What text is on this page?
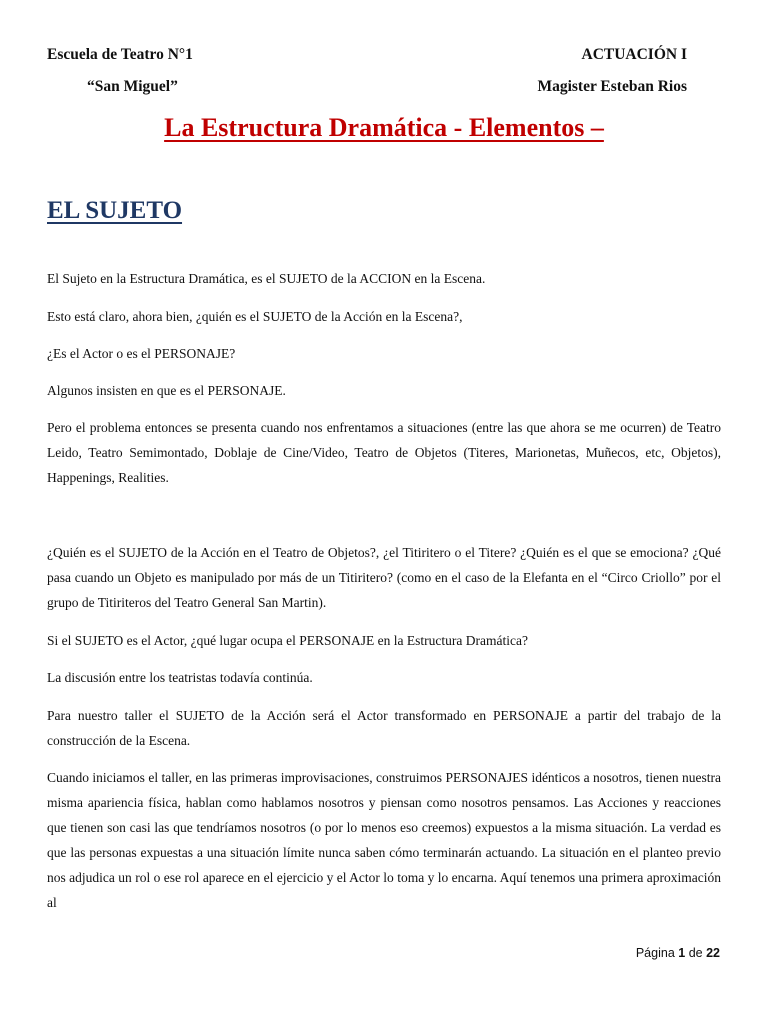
Escuela de Teatro N°1	ACTUACIÓN I
“San Miguel”	Magister Esteban Rios
La Estructura Dramática - Elementos –
EL SUJETO

El Sujeto en la Estructura Dramática, es el SUJETO de la ACCION en la Escena.

Esto está claro, ahora bien, ¿quién es el SUJETO de la Acción en la Escena?,

¿Es el Actor o es el PERSONAJE?

Algunos insisten en que es el PERSONAJE.

Pero el problema entonces se presenta cuando nos enfrentamos a situaciones (entre las que ahora se me ocurren) de Teatro Leido, Teatro Semimontado, Doblaje de Cine/Video, Teatro de Objetos (Titeres, Marionetas, Muñecos, etc, Objetos), Happenings, Realities.

¿Quién es el SUJETO de la Acción en el Teatro de Objetos?, ¿el Titiritero o el Titere? ¿Quién es el que se emociona? ¿Qué pasa cuando un Objeto es manipulado por más de un Titiritero? (como en el caso de la Elefanta en el “Circo Criollo” por el grupo de Titiriteros del Teatro General San Martin).

Si el SUJETO es el Actor, ¿qué lugar ocupa el PERSONAJE en la Estructura Dramática?

La discusión entre los teatristas todavía continúa.

Para nuestro taller el SUJETO de la Acción será el Actor transformado en PERSONAJE a partir del trabajo de la construcción de la Escena.

Cuando iniciamos el taller, en las primeras improvisaciones, construimos PERSONAJES idénticos a nosotros, tienen nuestra misma apariencia física, hablan como hablamos nosotros y piensan como nosotros pensamos. Las Acciones y reacciones que tienen son casi las que tendríamos nosotros (o por lo menos eso creemos) expuestos a la misma situación. La verdad es que las personas expuestas a una situación límite nunca saben cómo terminarán actuando. La situación en el planteo previo nos adjudica un rol o ese rol aparece en el ejercicio y el Actor lo toma y lo encarna. Aquí tenemos una primera aproximación al

Página 1 de 22
